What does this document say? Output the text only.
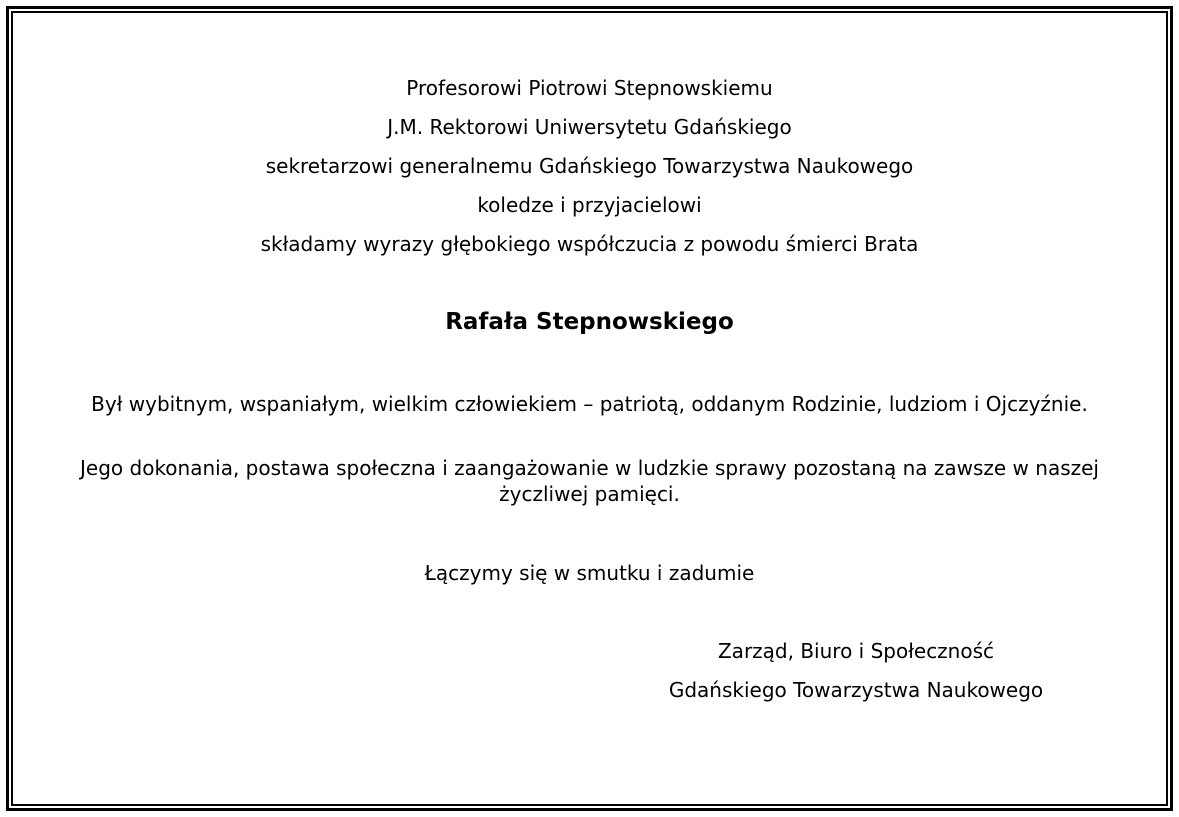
Profesorowi Piotrowi Stepnowskiemu
J.M. Rektorowi Uniwersytetu Gdańskiego
sekretarzowi generalnemu Gdańskiego Towarzystwa Naukowego
koledze i przyjacielowi
składamy wyrazy głębokiego współczucia z powodu śmierci Brata
Rafała Stepnowskiego
Był wybitnym, wspaniałym, wielkim człowiekiem – patriotą, oddanym Rodzinie, ludziom i Ojczyźnie.
Jego dokonania, postawa społeczna i zaangażowanie w ludzkie sprawy pozostaną na zawsze w naszej życzliwej pamięci.
Łączymy się w smutku i zadumie
Zarząd, Biuro i Społeczność
Gdańskiego Towarzystwa Naukowego
